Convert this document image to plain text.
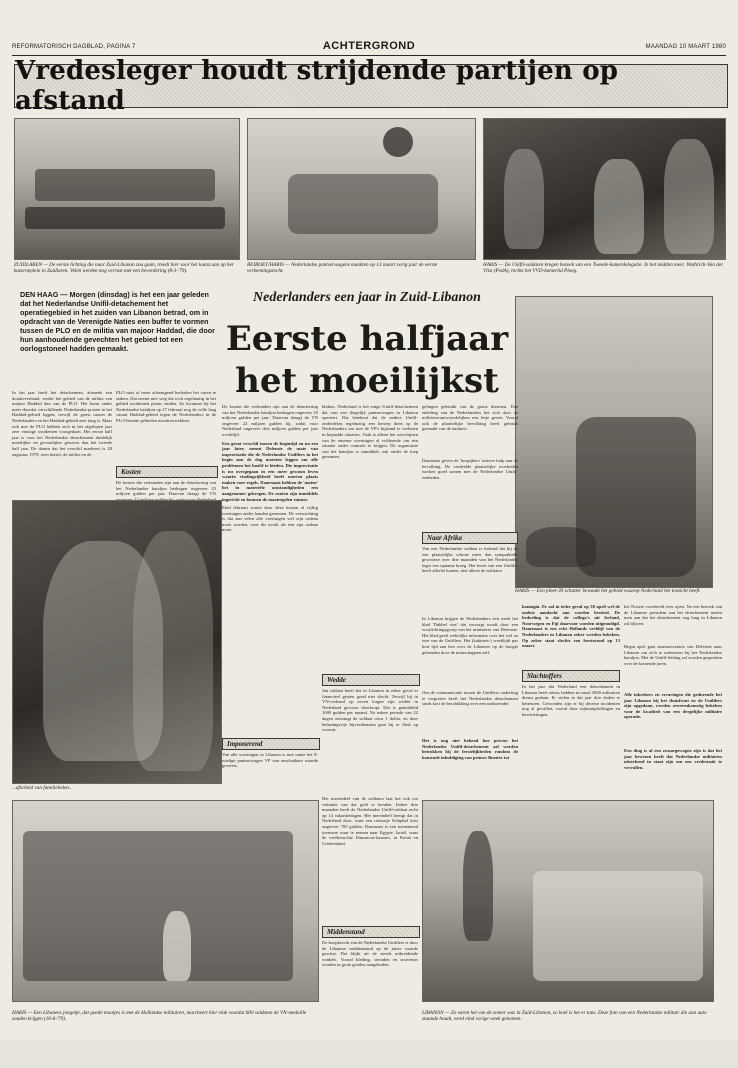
REFORMATORISCH DAGBLAD, PAGINA 7	ACHTERGROND	MAANDAG 10 MAART 1980
Vredesleger houdt strijdende partijen op afstand
ZUIDLAREN — De eerste lichting die naar Zuid-Libanon zou gaan, treedt hier voor het laatst aan op het kazerneplein in Zuidlaren. Velen werden nog verrast met een bevordering (8-3-'79).
BEIROET/HARIS — Nederlandse pantserwagens maakten op 13 maart vorig jaar de eerste verkenningstocht.
HARIS — De Unifil-soldaten kregen bezoek van een Tweede-kamerdelegatie. In het midden mevr. Wuthrich-Van der Vlist (PvdA), rechts het VVD-kamerlid Ploeg.
DEN HAAG — Morgen (dinsdag) is het een jaar geleden dat het Nederlandse Unifil-detachement het operatiegebied in het zuiden van Libanon betrad, om in opdracht van de Verenigde Naties een buffer te vormen tussen de PLO en de militia van majoor Haddad, die door hun aanhoudende gevechten het gebied tot een oorlogstoneel hadden gemaakt.
Nederlanders een jaar in Zuid-Libanon
Eerste halfjaar
het moeilijkst
HARIS — Een pinet-30 schutter bewaakt het gebied waarop Nederland het toezicht heeft.
In dat jaar heeft het detachement, alsmede een dotatieverband, verder het gebied van de militia van majoor Haddad dan van de PLO. Het komt onder meer doordat verschillende Nederlandse posten in het Haddad-gebied liggen, terwijl de grens tussen de Nederlanders en het Haddad-gebied zeer lang is. Maar ook met de PLO hebben zich in het afgelopen jaar zeer ernstige incidenten voorgedaan. Het eerste half jaar is voor het Nederlandse detachement duidelijk moeilijker en gevaarlijker geweest dan het tweede half jaar. De datum dat het verschil markeert is 28 augustus 1979, toen keizel, de militia en de
PLO mits of meer atleenigend bedoelen het vuren te staken. Dat neemt niet weg dat toch regelmatig in het gebied incidenten plaats vinden. Zo kwamen bij het Nederlandse bataljon op 27 februari nog de volle laag vanuit Haddad-gebied tegen de Nederlanders in de PLO-bezette gebieden mochten trekken.
Kosten
De kosten die verbonden zijn aan de detachering van het Nederlandse bataljon bedragen ongeveer 25 miljoen gulden per jaar. Daarvan draagt de VN
...afscheid van familieleden..
De kosten die verbonden zijn aan de detachering van het Nederlandse bataljon bedragen ongeveer 25 miljoen gulden per jaar. Daarvan draagt de VN ongeveer 22 miljoen gulden bij, zodat voor Nederland ongeveer drie miljoen gulden per jaar overblijft.
Een groot verschil tussen de begintijd en nu een jaar later, noemt Defensie de mate van improvisatie die de Nederlandse Unifilers in het begin aan de dag moesten leggen om alle problemen het hoofd te bieden. Die improvisatie is nu overgegaan in een meer gewoon leven waarin vindingrijkheid heeft moeten plaats maken voor regels. Daarnaast hebben de 'maten' het in materiële omstandigheden een aangenamer gekregen. De ranten zijn inmiddels ingericht en kunnen de maatregelen ruimer.
Eind februari waren door deze kosten al vijftig voertuigen onder handen genomen. De verwachting is dat aan velen alle voertuigen wel zijn ordena moet worden, voor dit wordt als een zijn ordena moet.
Imponerend
Van alle voertuigen in Libanon is met name het 8-wielige pantserwagen VP van onschatbare waarde geweest.
bloken. Nederland is het enige Unifil-detachement dat vast een dergelijk pantserwagen in Libanon opereert. Dat betekent dat de andere Unifil-onderdelen regelmatig een beroep doen op de Nederlanders om met de YP's bijstand te verlenen in bepaalde situaties. Vaak is alleen het verschijnen van de enorme voertuigen al voldoende om een situatie onder controle te krijgen. De organisatie van het bataljon is inmiddels ook onder de loep genomen.
Wedde
Jan soldaat heeft het in Libanon in zeker geval er financieel gezien goed niet slecht. Terwijl hij in VN-verband op zeven lorgen zijn wedde in Nederland gewoon doorloopt. Dat is gemiddeld 1000 gulden per maand. Na iedere periode van 22 dagen ontvangt de soldaat circa 1 dollar, en door belastingvrije bijverdiensten gaat hij er flink op vooruit.
Het merendeel van de soldaten laat het ook toe vakantie van dat geld te betalen. Iedere drie maanden heeft de Nederlandse Unifil-soldaat recht op 14 vakantiedagen. Het merendeel brengt dat in Nederland door, want een retourtje Schiphol kost ongeveer 700 gulden. Daarnaast is een toenemend toerisme waar te nemen naar Egypte, Israël, waar de veelbezochte Damascus-bazaars, in Kenia en Griekenland.
Middenstand
De koopkracht van de Nederlandse Unifilers is door de Libanese middenstand op de juiste waarde geschat. Dat blijkt uit de steeds uitbreidende winkels. Vooral kleding, sieraden en souvenirs worden in grote getalen aangeboden.
gelingen gebruikt van de gratis diensten. Een enkeling van de Nederlanders liet zich door de militieverantwoordelijken een lesje geven. Vooral ook de plaatselijke bevolking heeft gebruik gemaakt van de tandarts.
Daarnaast geven de 'bospijkers' actieve hulp aan de bevolking. De verdeelde plaatselijke overheden werken goed samen met de Nederlandse Unifil-eenheden.
Naar Afrika
Van een Nederlandse soldaat is bekend dat hij na een plaatselijke schone meer dan sympathieke gewoonte over drie maanden van het Nederlandse leger een opname kreeg. Het leven van een Unifiler heeft allerlei kanten, niet alleen de militaire.
In Libanon krijgen de Nederlanders een week het blad 'Dubbel vier' dat verzorgt wordt door een voorlichtingsgroep van het ministerie van Defensie. Het blad geeft wekelijks informatie over het wel en wee van de Unifilers. Het (kabinets-) weeklijdt pas kort tijd aan hen over de Libanese op de hoogte gehouden door de manschappen zelf.
Om de communicatie tussen de Unifilers onderling te vergroten heeft het Nederlandse detachement sinds kort de beschikking over een radiozender.
Het is nog niet bekend hoe precies het Nederlandse Unifil-detachement zal worden betrokken bij de feestelijkheden rondom de komende inhuldiging van prinses Beatrix tot
koningin. Er zal in ieder geval op 30 april wel de oudste aandacht aan worden besteed. De bedoeling is dat de collega's uit Ierland, Noorwegen en Fiji daarvoor worden uitgenodigd. Daarnaast is een echt Hollands verblijf van de Nederlanders in Libanon zeker worden bekeken. Op zeker staat slechts een feestavond op 13 maart.
Slachtoffers
In het jaar dat Nederland een detachement in Libanon heeft zitten, hebben in totaal 3000 militairen dienst gedaan. Er vielen in dat jaar drie doden te betreuren. Gewonden zijn er bij diverse incidenten nog al gevallen, vooral door mijnontploffingen en beschietingen.
het Noorse voorbeeld over open. Na een bezoek van de Libanese president aan het detachement meent men aan dat het detachement nog lang in Libanon zal blijven.
Begin april gaat staatssecretaris van Defensie naar Libanon om zich te oriënteren bij het Nederlandse bataljon. Met de Unifil-leiding zal worden gesproken over de komende jaren.
Alle inbrekers en ervaringen die gedurende het jaar Libanon bij het thuisfront en de Unifilers zijn opgedaan, worden overeenkomstig bekeken voor de kwaliteit van een dergelijke militaire operatie.
Een ding is al een zwaargewogen zijn is dat het jaar bewezen heeft dat Nederlandse militairen uitstekend in staat zijn om een vredestaak te vervullen.
HARIS — Een Libanees jongetje, dat goede maatjes is met de Hollandse militairen, marcheert hier vlak voordat 600 soldaten de VN-medaille zouden krijgen (16-6-'79).
LIBANON — Zo varen het van de zomer was in Zuid-Libanon, zo koel is het er tans. Deze foto van een Nederlandse militair die aan auto staande houdt, werd eind vorige week genomen.
